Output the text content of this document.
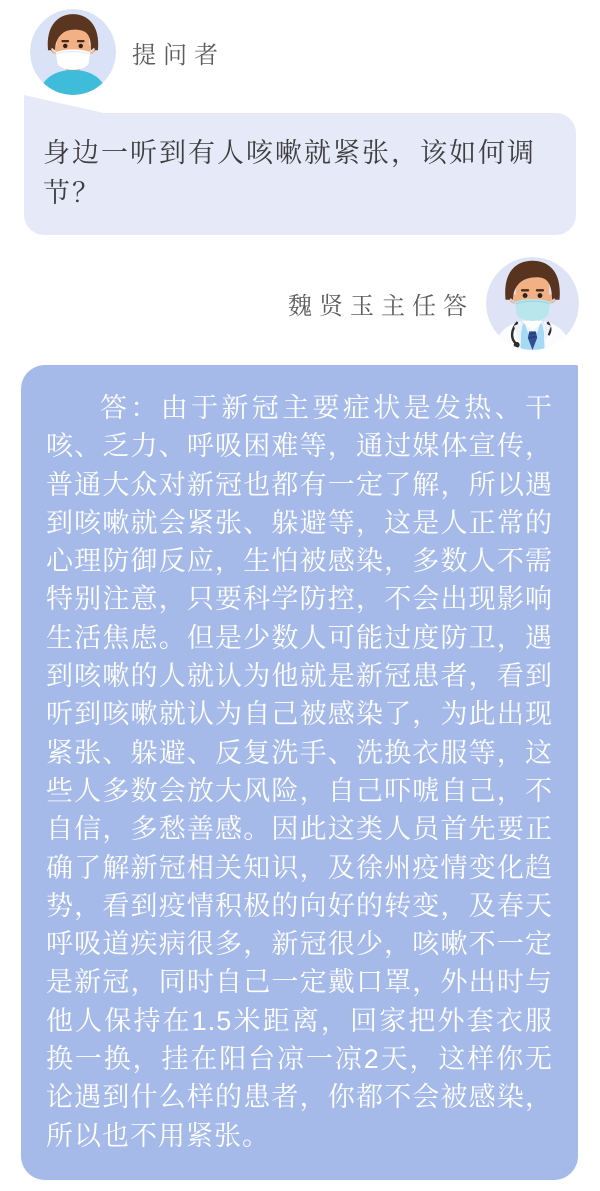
提问者

身边一听到有人咳嗽就紧张，该如何调节？

魏贤玉主任答

答：由于新冠主要症状是发热、干咳、乏力、呼吸困难等，通过媒体宣传，普通大众对新冠也都有一定了解，所以遇到咳嗽就会紧张、躲避等，这是人正常的心理防御反应，生怕被感染，多数人不需特别注意，只要科学防控，不会出现影响生活焦虑。但是少数人可能过度防卫，遇到咳嗽的人就认为他就是新冠患者，看到听到咳嗽就认为自己被感染了，为此出现紧张、躲避、反复洗手、洗换衣服等，这些人多数会放大风险，自己吓唬自己，不自信，多愁善感。因此这类人员首先要正确了解新冠相关知识，及徐州疫情变化趋势，看到疫情积极的向好的转变，及春天呼吸道疾病很多，新冠很少，咳嗽不一定是新冠，同时自己一定戴口罩，外出时与他人保持在1.5米距离，回家把外套衣服换一换，挂在阳台凉一凉2天，这样你无论遇到什么样的患者，你都不会被感染，所以也不用紧张。
